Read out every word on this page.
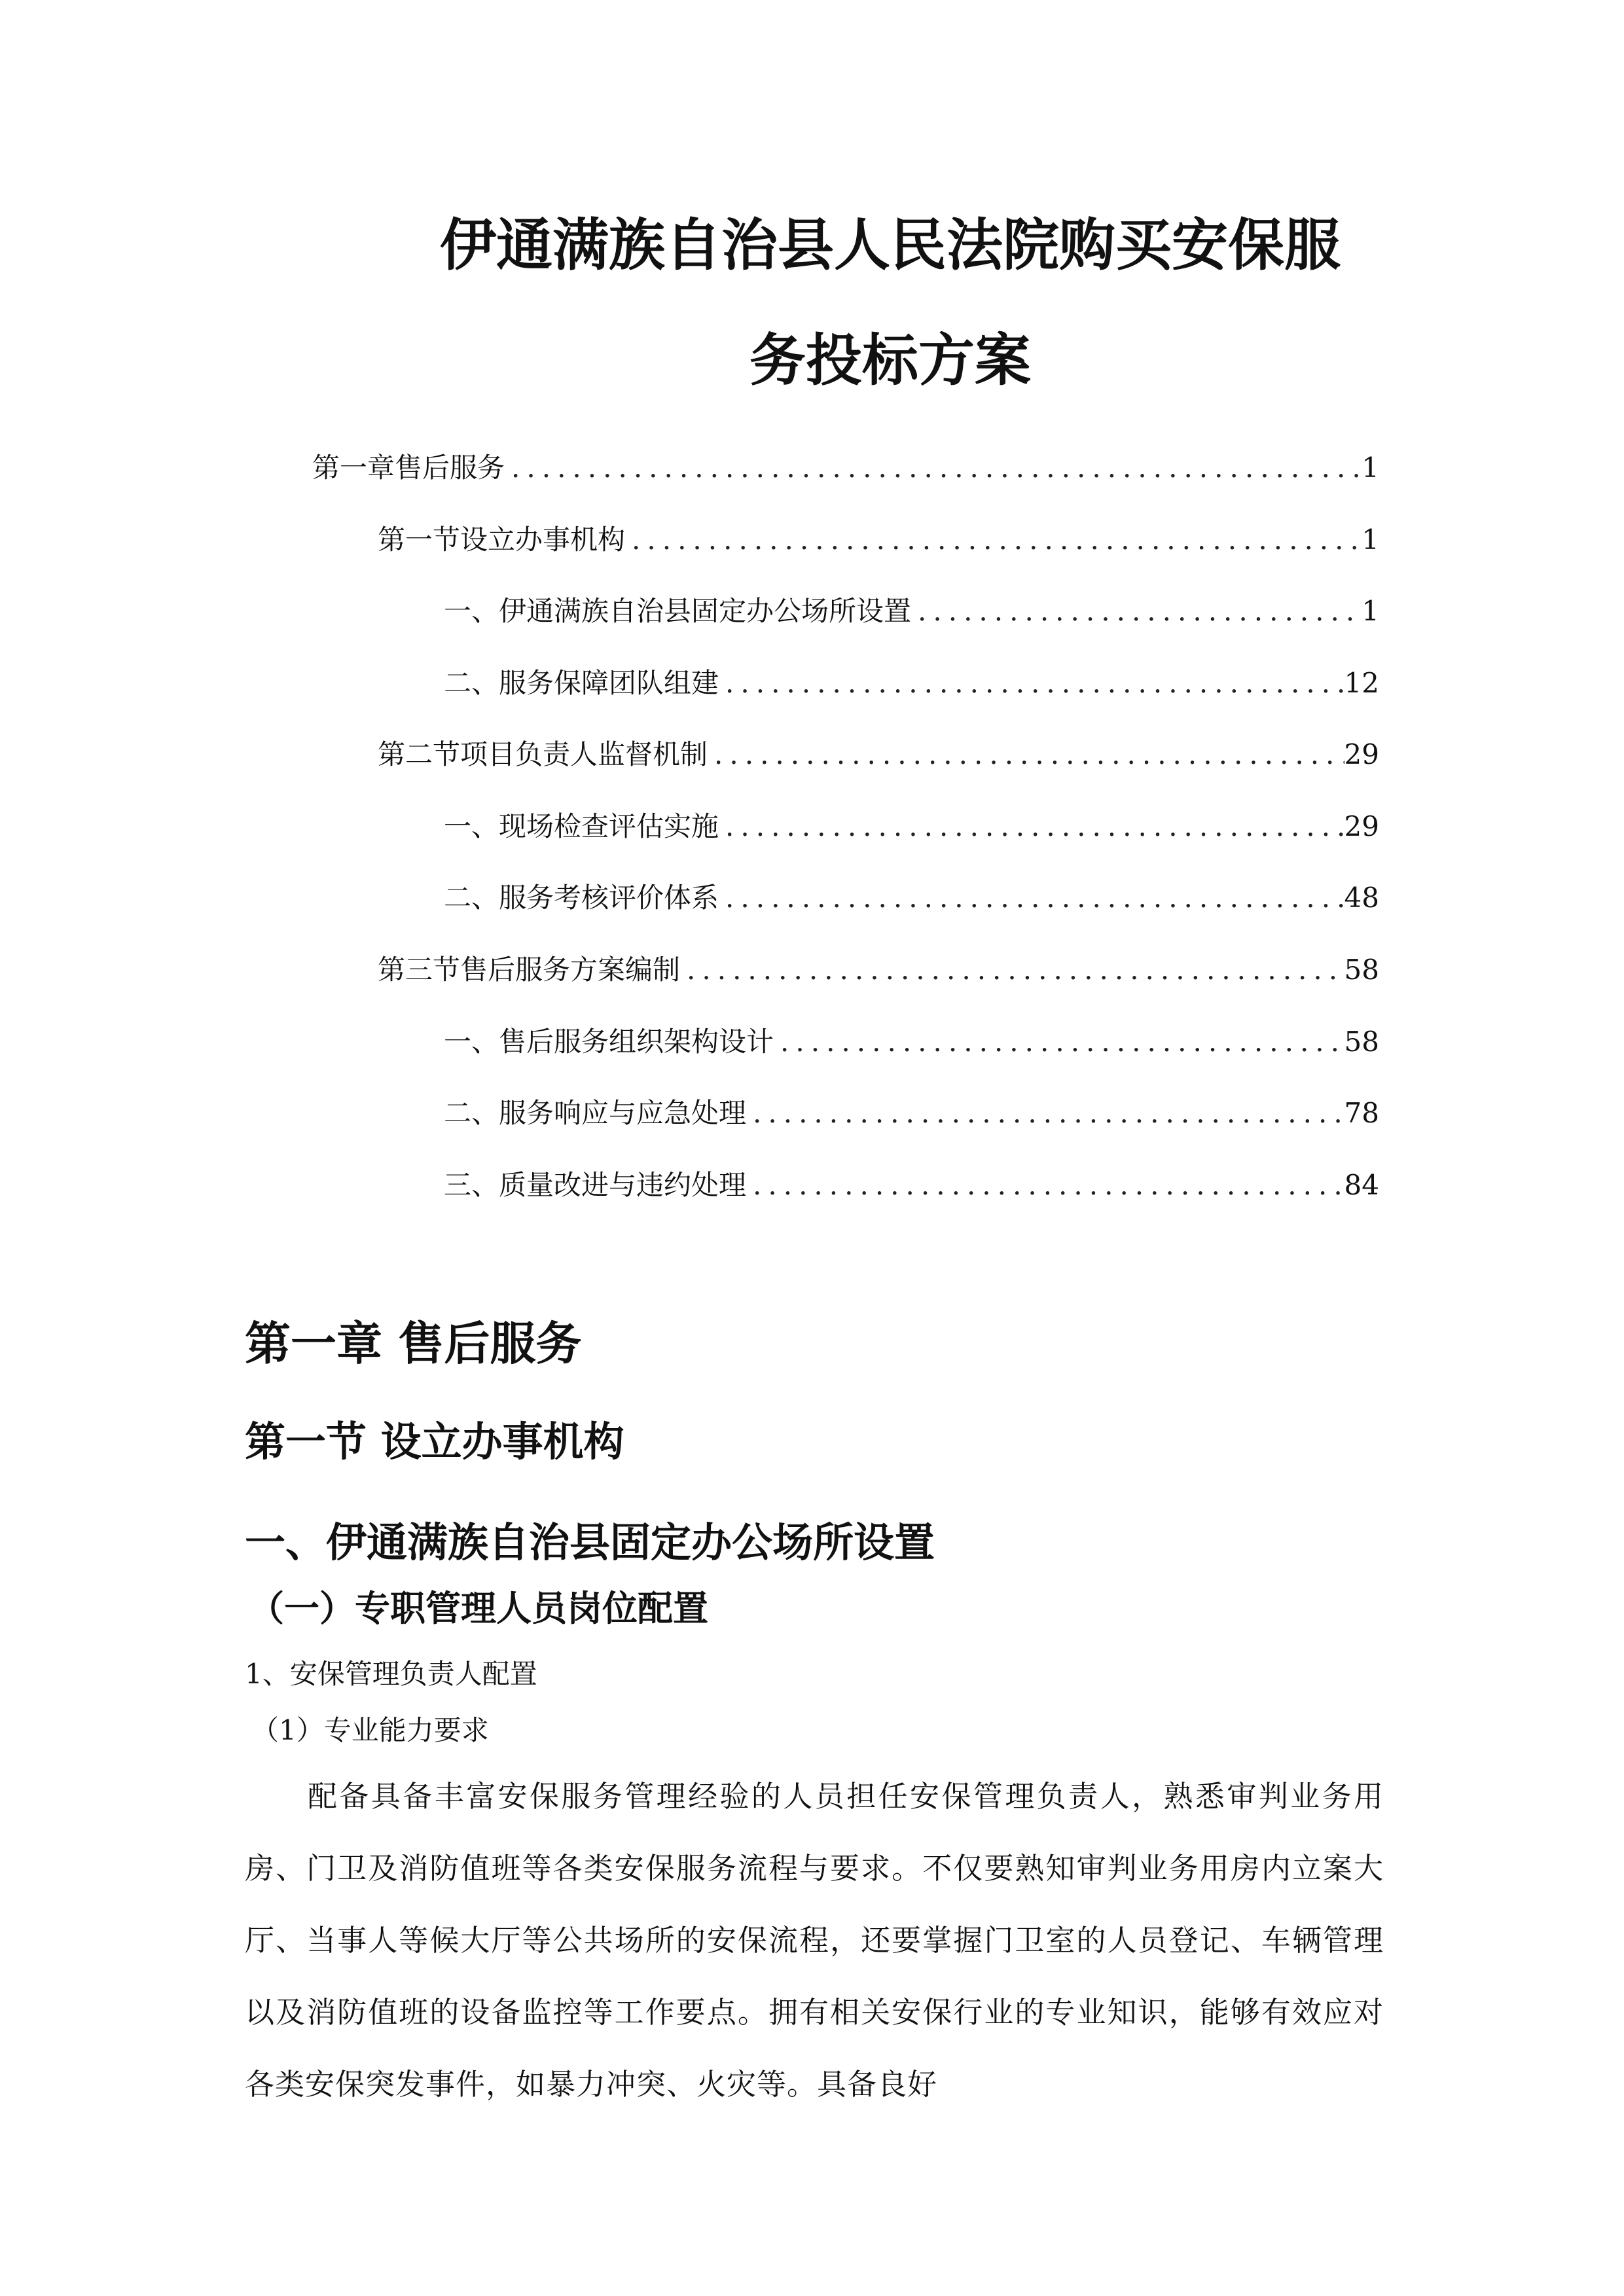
伊通满族自治县人民法院购买安保服
务投标方案
第一章 售后服务 .....	1
第一节 设立办事机构 .....	1
一、 伊通满族自治县固定办公场所设置 .....	1
二、 服务保障团队组建 .....	12
第二节 项目负责人监督机制 .....	29
一、 现场检查评估实施 .....	29
二、 服务考核评价体系 .....	48
第三节 售后服务方案编制 .....	58
一、 售后服务组织架构设计 .....	58
二、 服务响应与应急处理 .....	78
三、 质量改进与违约处理 .....	84
第一章 售后服务
第一节 设立办事机构
一、伊通满族自治县固定办公场所设置
（一）专职管理人员岗位配置

1、安保管理负责人配置

（1）专业能力要求

配备具备丰富安保服务管理经验的人员担任安保管理负责人，熟悉审判业务用房、门卫及消防值班等各类安保服务流程与要求。不仅要熟知审判业务用房内立案大厅、当事人等候大厅等公共场所的安保流程，还要掌握门卫室的人员登记、车辆管理以及消防值班的设备监控等工作要点。拥有相关安保行业的专业知识，能够有效应对各类安保突发事件，如暴力冲突、火灾等。具备良好
